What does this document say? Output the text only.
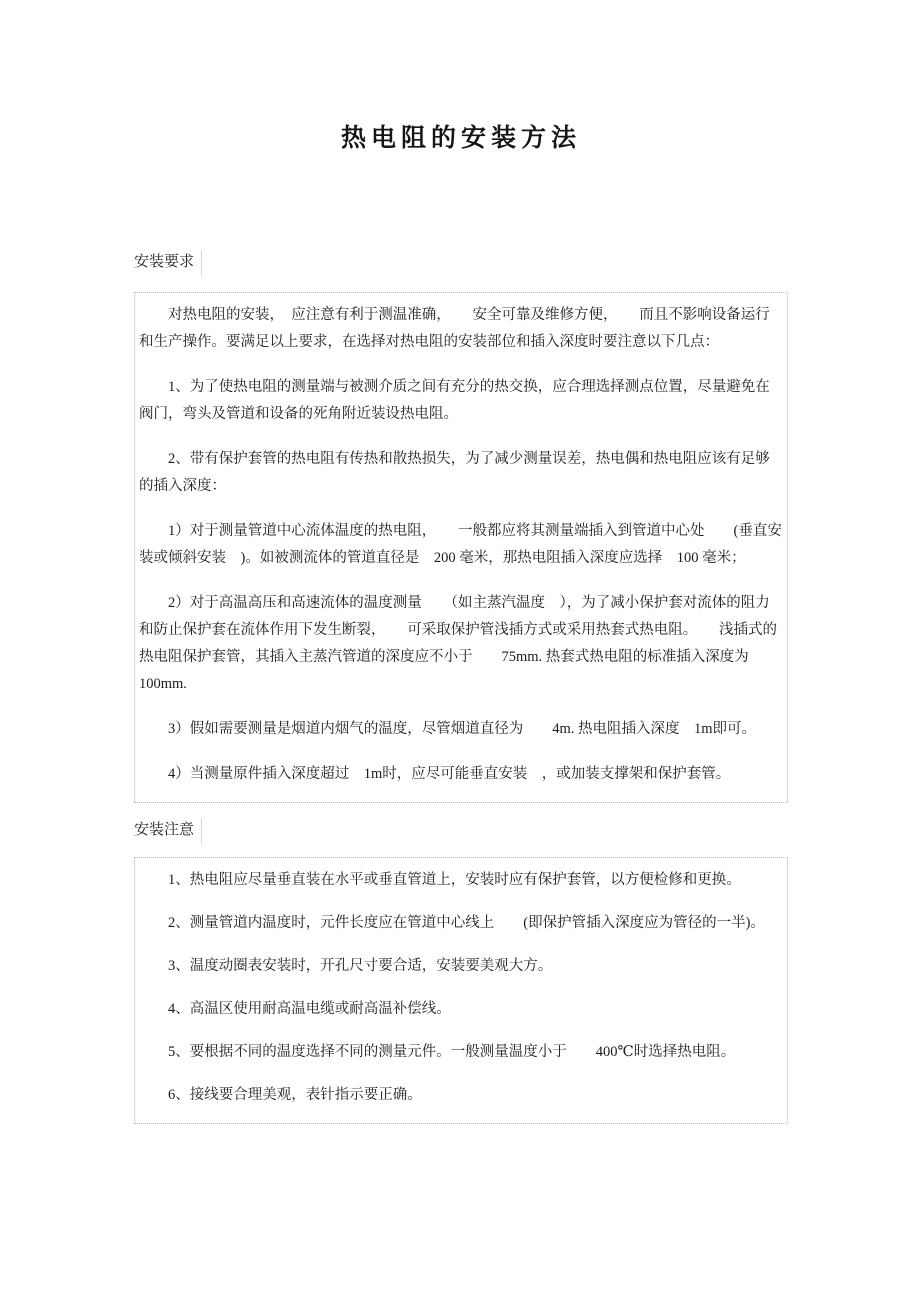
热电阻的安装方法
安装要求

对热电阻的安装，　应注意有利于测温准确，　　安全可靠及维修方便，　　而且不影响设备运行和生产操作。要满足以上要求，在选择对热电阻的安装部位和插入深度时要注意以下几点：

1、为了使热电阻的测量端与被测介质之间有充分的热交换，应合理选择测点位置，尽量避免在阀门，弯头及管道和设备的死角附近装设热电阻。

2、带有保护套管的热电阻有传热和散热损失，为了减少测量误差，热电偶和热电阻应该有足够的插入深度：

1）对于测量管道中心流体温度的热电阻，　　一般都应将其测量端插入到管道中心处　　(垂直安装或倾斜安装　)。如被测流体的管道直径是　200 毫米，那热电阻插入深度应选择　100 毫米；

2）对于高温高压和高速流体的温度测量　　（如主蒸汽温度　），为了减小保护套对流体的阻力和防止保护套在流体作用下发生断裂，　　可采取保护管浅插方式或采用热套式热电阻。　　浅插式的热电阻保护套管，其插入主蒸汽管道的深度应不小于　　75mm. 热套式热电阻的标准插入深度为　100mm.

3）假如需要测量是烟道内烟气的温度，尽管烟道直径为　　4m. 热电阻插入深度　1m即可。

4）当测量原件插入深度超过　1m时，应尽可能垂直安装　，或加装支撑架和保护套管。

安装注意

1、热电阻应尽量垂直装在水平或垂直管道上，安装时应有保护套管，以方便检修和更换。

2、测量管道内温度时，元件长度应在管道中心线上　　(即保护管插入深度应为管径的一半)。

3、温度动圈表安装时，开孔尺寸要合适，安装要美观大方。

4、高温区使用耐高温电缆或耐高温补偿线。

5、要根据不同的温度选择不同的测量元件。一般测量温度小于　　400℃时选择热电阻。

6、接线要合理美观，表针指示要正确。
